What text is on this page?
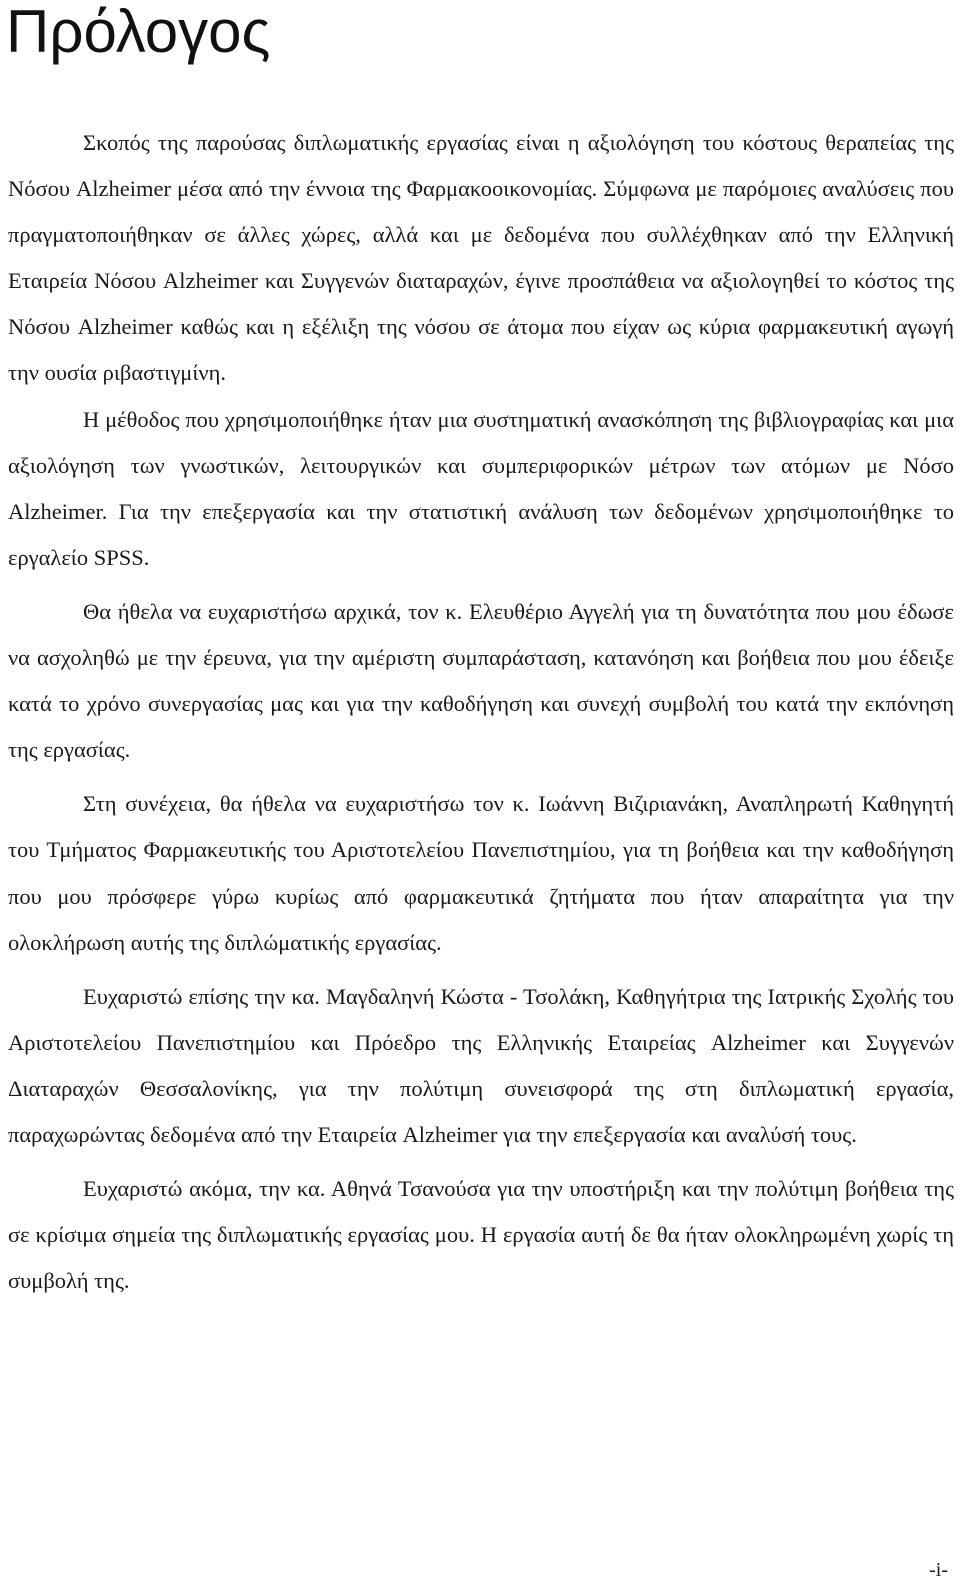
Πρόλογος

Σκοπός της παρούσας διπλωματικής εργασίας είναι η αξιολόγηση του κόστους θεραπείας της Νόσου Alzheimer μέσα από την έννοια της Φαρμακοοικονομίας. Σύμφωνα με παρόμοιες αναλύσεις που πραγματοποιήθηκαν σε άλλες χώρες, αλλά και με δεδομένα που συλλέχθηκαν από την Ελληνική Εταιρεία Νόσου Alzheimer και Συγγενών διαταραχών, έγινε προσπάθεια να αξιολογηθεί το κόστος της Νόσου Alzheimer καθώς και η εξέλιξη της νόσου σε άτομα που είχαν ως κύρια φαρμακευτική αγωγή την ουσία ριβαστιγμίνη.

Η μέθοδος που χρησιμοποιήθηκε ήταν μια συστηματική ανασκόπηση της βιβλιογραφίας και μια αξιολόγηση των γνωστικών, λειτουργικών και συμπεριφορικών μέτρων των ατόμων με Νόσο Alzheimer. Για την επεξεργασία και την στατιστική ανάλυση των δεδομένων χρησιμοποιήθηκε το εργαλείο SPSS.

Θα ήθελα να ευχαριστήσω αρχικά, τον κ. Ελευθέριο Αγγελή για τη δυνατότητα που μου έδωσε να ασχοληθώ με την έρευνα, για την αμέριστη συμπαράσταση, κατανόηση και βοήθεια που μου έδειξε κατά το χρόνο συνεργασίας μας και για την καθοδήγηση και συνεχή συμβολή του κατά την εκπόνηση της εργασίας.

Στη συνέχεια, θα ήθελα να ευχαριστήσω τον κ. Ιωάννη Βιζιριανάκη, Αναπληρωτή Καθηγητή του Τμήματος Φαρμακευτικής του Αριστοτελείου Πανεπιστημίου, για τη βοήθεια και την καθοδήγηση που μου πρόσφερε γύρω κυρίως από φαρμακευτικά ζητήματα που ήταν απαραίτητα για την ολοκλήρωση αυτής της διπλώματικής εργασίας.

Ευχαριστώ επίσης την κα. Μαγδαληνή Κώστα - Τσολάκη, Καθηγήτρια της Ιατρικής Σχολής του Αριστοτελείου Πανεπιστημίου και Πρόεδρο της Ελληνικής Εταιρείας Alzheimer και Συγγενών Διαταραχών Θεσσαλονίκης, για την πολύτιμη συνεισφορά της στη διπλωματική εργασία, παραχωρώντας δεδομένα από την Εταιρεία Alzheimer για την επεξεργασία και αναλύσή τους.

Ευχαριστώ ακόμα, την κα. Αθηνά Τσανούσα για την υποστήριξη και την πολύτιμη βοήθεια της σε κρίσιμα σημεία της διπλωματικής εργασίας μου. Η εργασία αυτή δε θα ήταν ολοκληρωμένη χωρίς τη συμβολή της.

-i-
